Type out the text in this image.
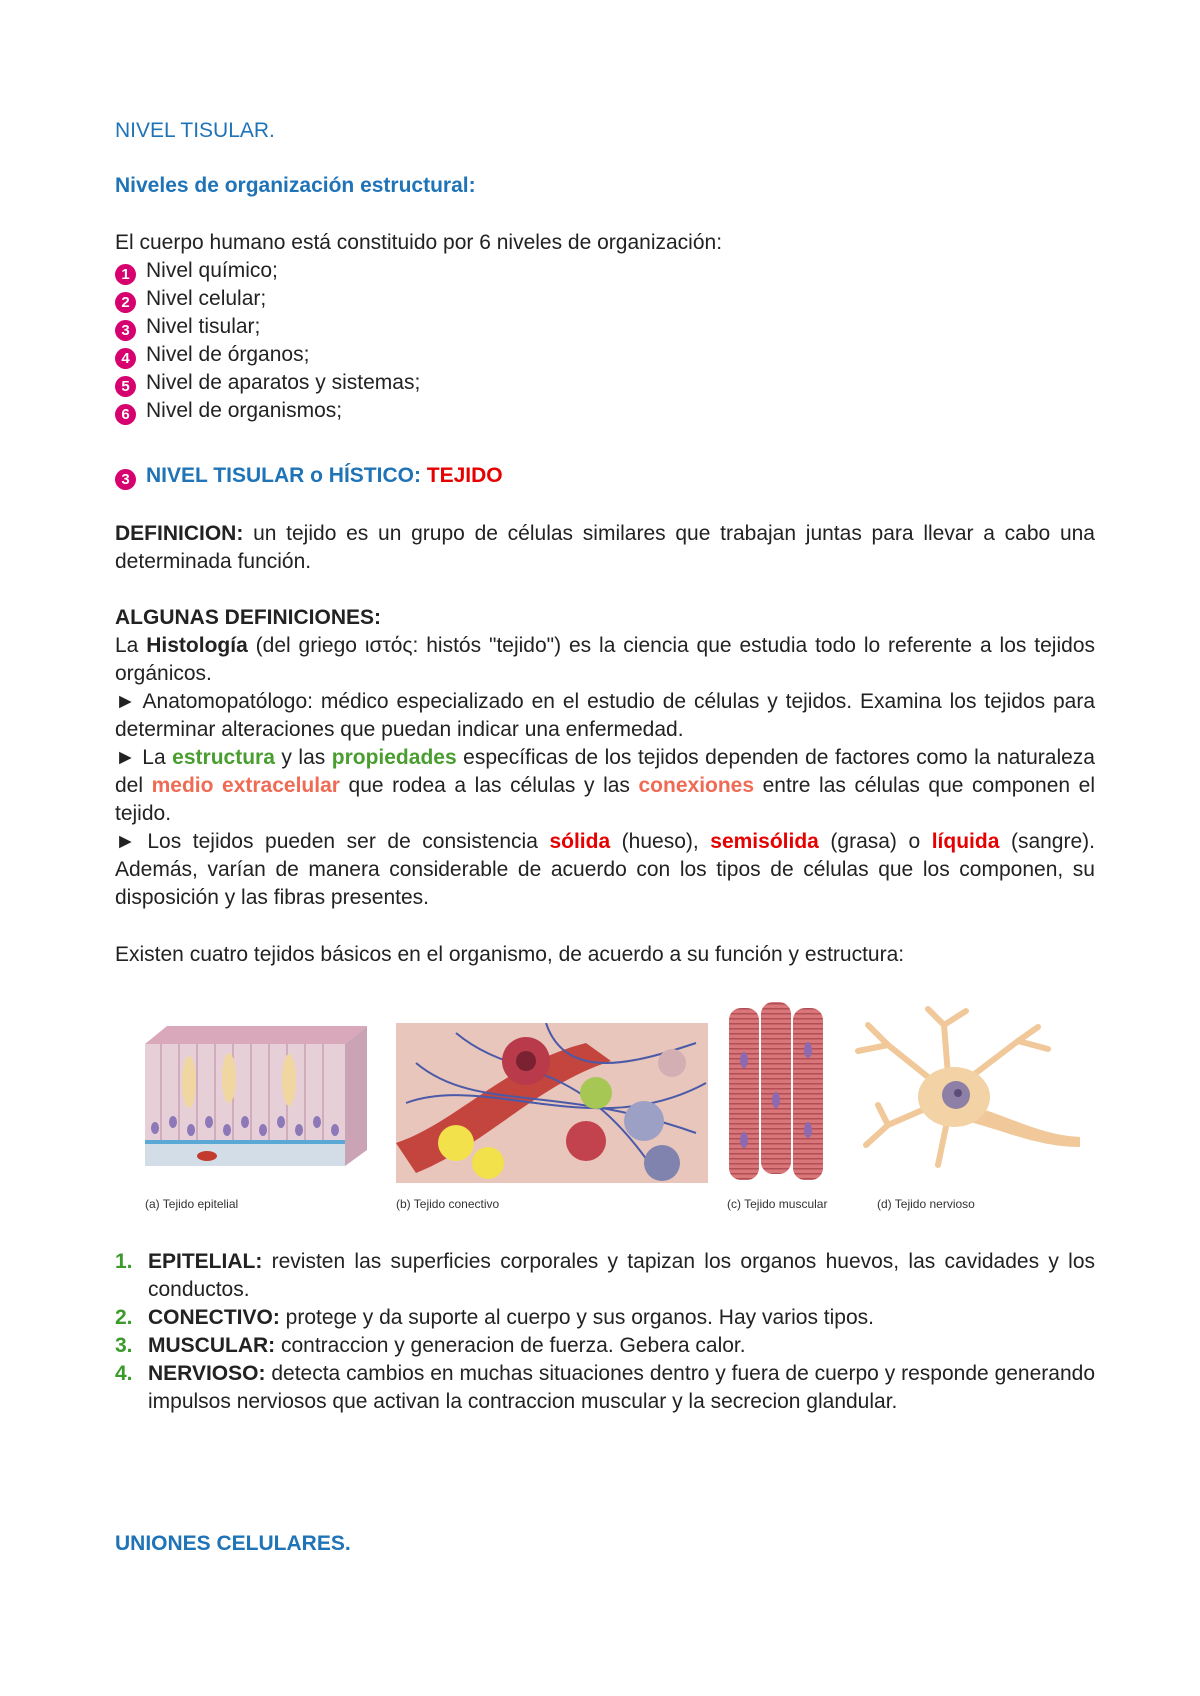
NIVEL TISULAR.
Niveles de organización estructural:
El cuerpo humano está constituido por 6 niveles de organización:
1 Nivel químico;
2 Nivel celular;
3 Nivel tisular;
4 Nivel de órganos;
5 Nivel de aparatos y sistemas;
6 Nivel de organismos;
3 NIVEL TISULAR o HÍSTICO: TEJIDO
DEFINICION: un tejido es un grupo de células similares que trabajan juntas para llevar a cabo una determinada función.
ALGUNAS DEFINICIONES:
La Histología (del griego ιστός: histós "tejido") es la ciencia que estudia todo lo referente a los tejidos orgánicos.
► Anatomopatólogo: médico especializado en el estudio de células y tejidos. Examina los tejidos para determinar alteraciones que puedan indicar una enfermedad.
► La estructura y las propiedades específicas de los tejidos dependen de factores como la naturaleza del medio extracelular que rodea a las células y las conexiones entre las células que componen el tejido.
► Los tejidos pueden ser de consistencia sólida (hueso), semisólida (grasa) o líquida (sangre). Además, varían de manera considerable de acuerdo con los tipos de células que los componen, su disposición y las fibras presentes.
Existen cuatro tejidos básicos en el organismo, de acuerdo a su función y estructura:
(a) Tejido epitelial	(b) Tejido conectivo	(c) Tejido muscular	(d) Tejido nervioso
1. EPITELIAL: revisten las superficies corporales y tapizan los organos huevos, las cavidades y los conductos.
2. CONECTIVO: protege y da suporte al cuerpo y sus organos. Hay varios tipos.
3. MUSCULAR: contraccion y generacion de fuerza. Gebera calor.
4. NERVIOSO: detecta cambios en muchas situaciones dentro y fuera de cuerpo y responde generando impulsos nerviosos que activan la contraccion muscular y la secrecion glandular.
UNIONES CELULARES.
